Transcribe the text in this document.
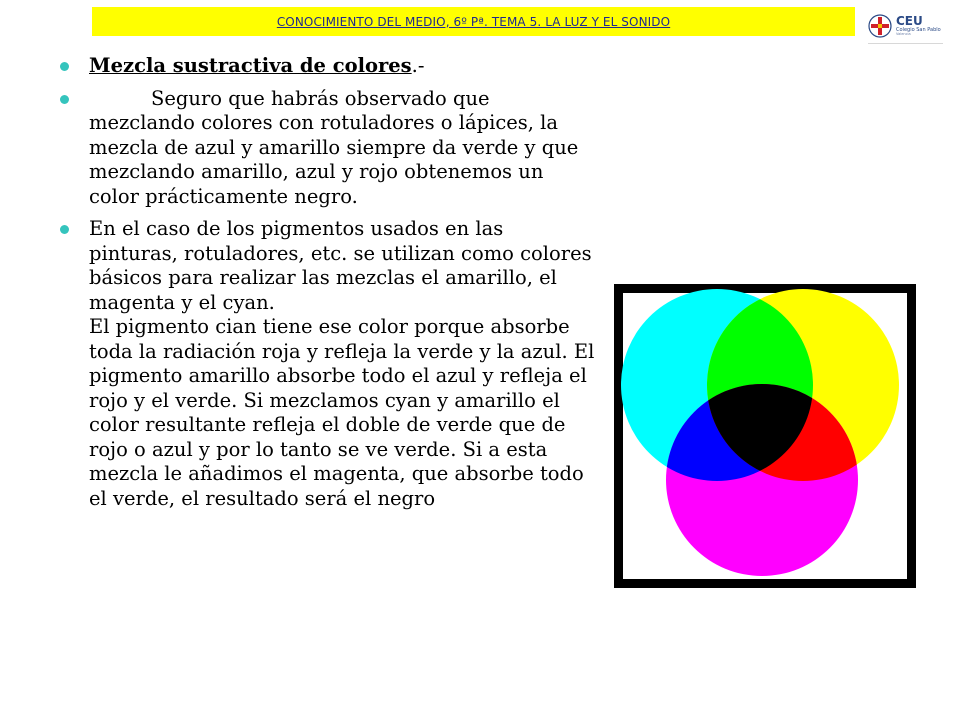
CONOCIMIENTO DEL MEDIO, 6º Pª. TEMA 5. LA LUZ Y EL SONIDO	CEU
Colegio San Pablo
Valencia
Mezcla sustractiva de colores.-
Seguro que habrás observado que mezclando colores con rotuladores o lápices, la mezcla de azul y amarillo siempre da verde y que mezclando amarillo, azul y rojo obtenemos un color prácticamente negro.
En el caso de los pigmentos usados en las pinturas, rotuladores, etc. se utilizan como colores básicos para realizar las mezclas el amarillo, el magenta y el cyan.
El pigmento cian tiene ese color porque absorbe toda la radiación roja y refleja la verde y la azul. El pigmento amarillo absorbe todo el azul y refleja el rojo y el verde. Si mezclamos cyan y amarillo el color resultante refleja el doble de verde que de rojo o azul y por lo tanto se ve verde. Si a esta mezcla le añadimos el magenta, que absorbe todo el verde, el resultado será el negro
